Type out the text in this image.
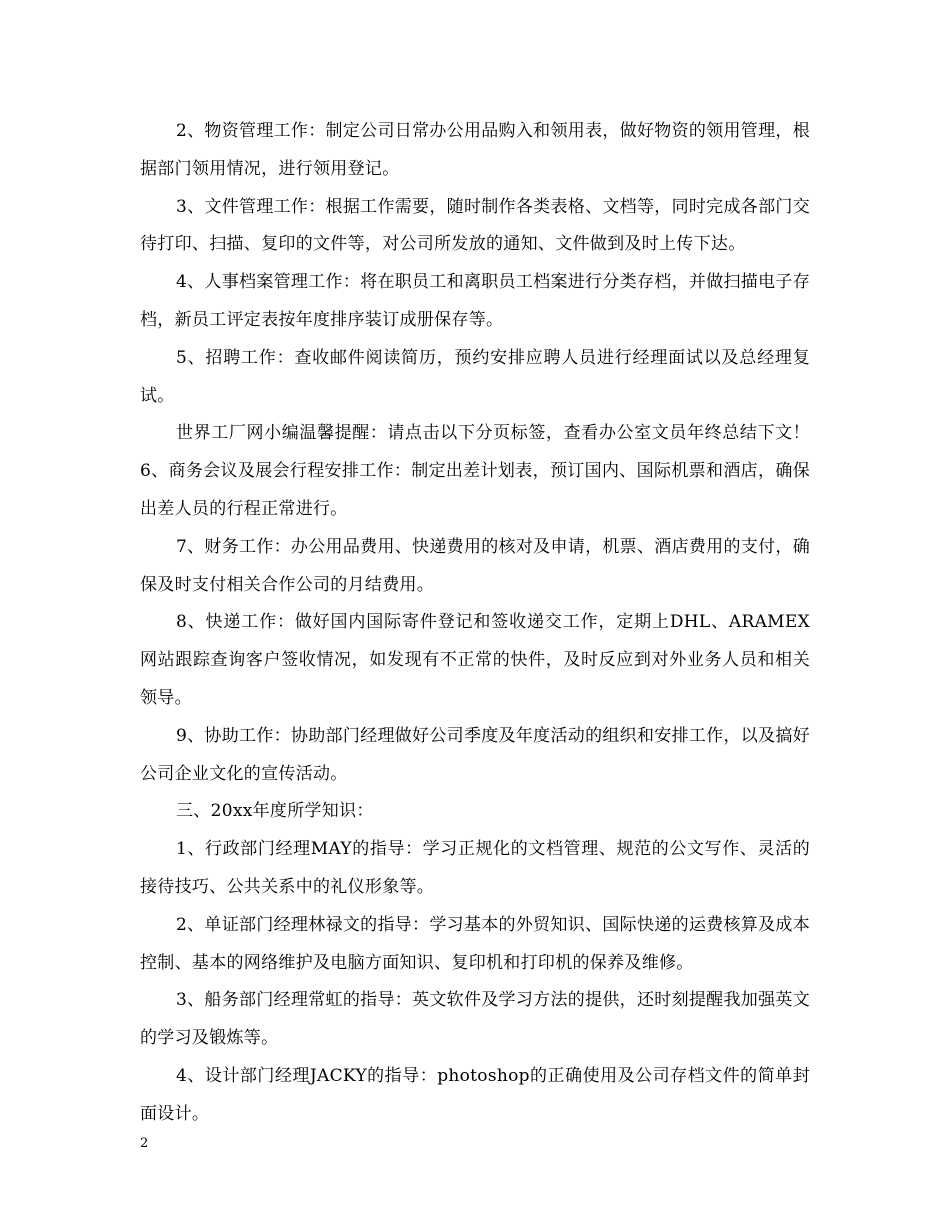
2、物资管理工作：制定公司日常办公用品购入和领用表，做好物资的领用管理，根据部门领用情况，进行领用登记。

3、文件管理工作：根据工作需要，随时制作各类表格、文档等，同时完成各部门交待打印、扫描、复印的文件等，对公司所发放的通知、文件做到及时上传下达。

4、人事档案管理工作：将在职员工和离职员工档案进行分类存档，并做扫描电子存档，新员工评定表按年度排序装订成册保存等。

5、招聘工作：查收邮件阅读简历，预约安排应聘人员进行经理面试以及总经理复试。

世界工厂网小编温馨提醒：请点击以下分页标签，查看办公室文员年终总结下文！　6、商务会议及展会行程安排工作：制定出差计划表，预订国内、国际机票和酒店，确保出差人员的行程正常进行。

7、财务工作：办公用品费用、快递费用的核对及申请，机票、酒店费用的支付，确保及时支付相关合作公司的月结费用。

8、快递工作：做好国内国际寄件登记和签收递交工作，定期上DHL、ARAMEX网站跟踪查询客户签收情况，如发现有不正常的快件，及时反应到对外业务人员和相关领导。

9、协助工作：协助部门经理做好公司季度及年度活动的组织和安排工作，以及搞好公司企业文化的宣传活动。

三、20xx年度所学知识：

1、行政部门经理MAY的指导：学习正规化的文档管理、规范的公文写作、灵活的接待技巧、公共关系中的礼仪形象等。

2、单证部门经理林禄文的指导：学习基本的外贸知识、国际快递的运费核算及成本控制、基本的网络维护及电脑方面知识、复印机和打印机的保养及维修。

3、船务部门经理常虹的指导：英文软件及学习方法的提供，还时刻提醒我加强英文的学习及锻炼等。

4、设计部门经理JACKY的指导：photoshop的正确使用及公司存档文件的简单封面设计。

2
